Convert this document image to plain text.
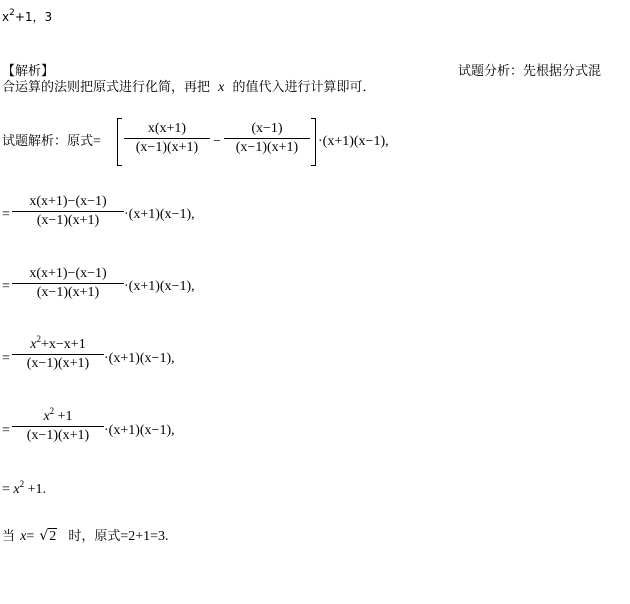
$x^2+1$，3
【解析】	试题分析：先根据分式混
合运算的法则把原式进行化简，再把 x 的值代入进行计算即可．
试题解析：原式=
x(x+1)
(x−1)(x+1)	−
(x−1)
(x−1)(x+1)	·(x+1)(x−1),
=
x(x+1)−(x−1)
(x−1)(x+1)	·(x+1)(x−1),
=
x(x+1)−(x−1)
(x−1)(x+1)	·(x+1)(x−1),
=
$x^2+x-x+1$
(x−1)(x+1)	·(x+1)(x−1),
=
$x^2 +1$
(x−1)(x+1)	·(x+1)(x−1),
= $x^2 +1$.
当 x= √2 时，原式=2+1=3.
